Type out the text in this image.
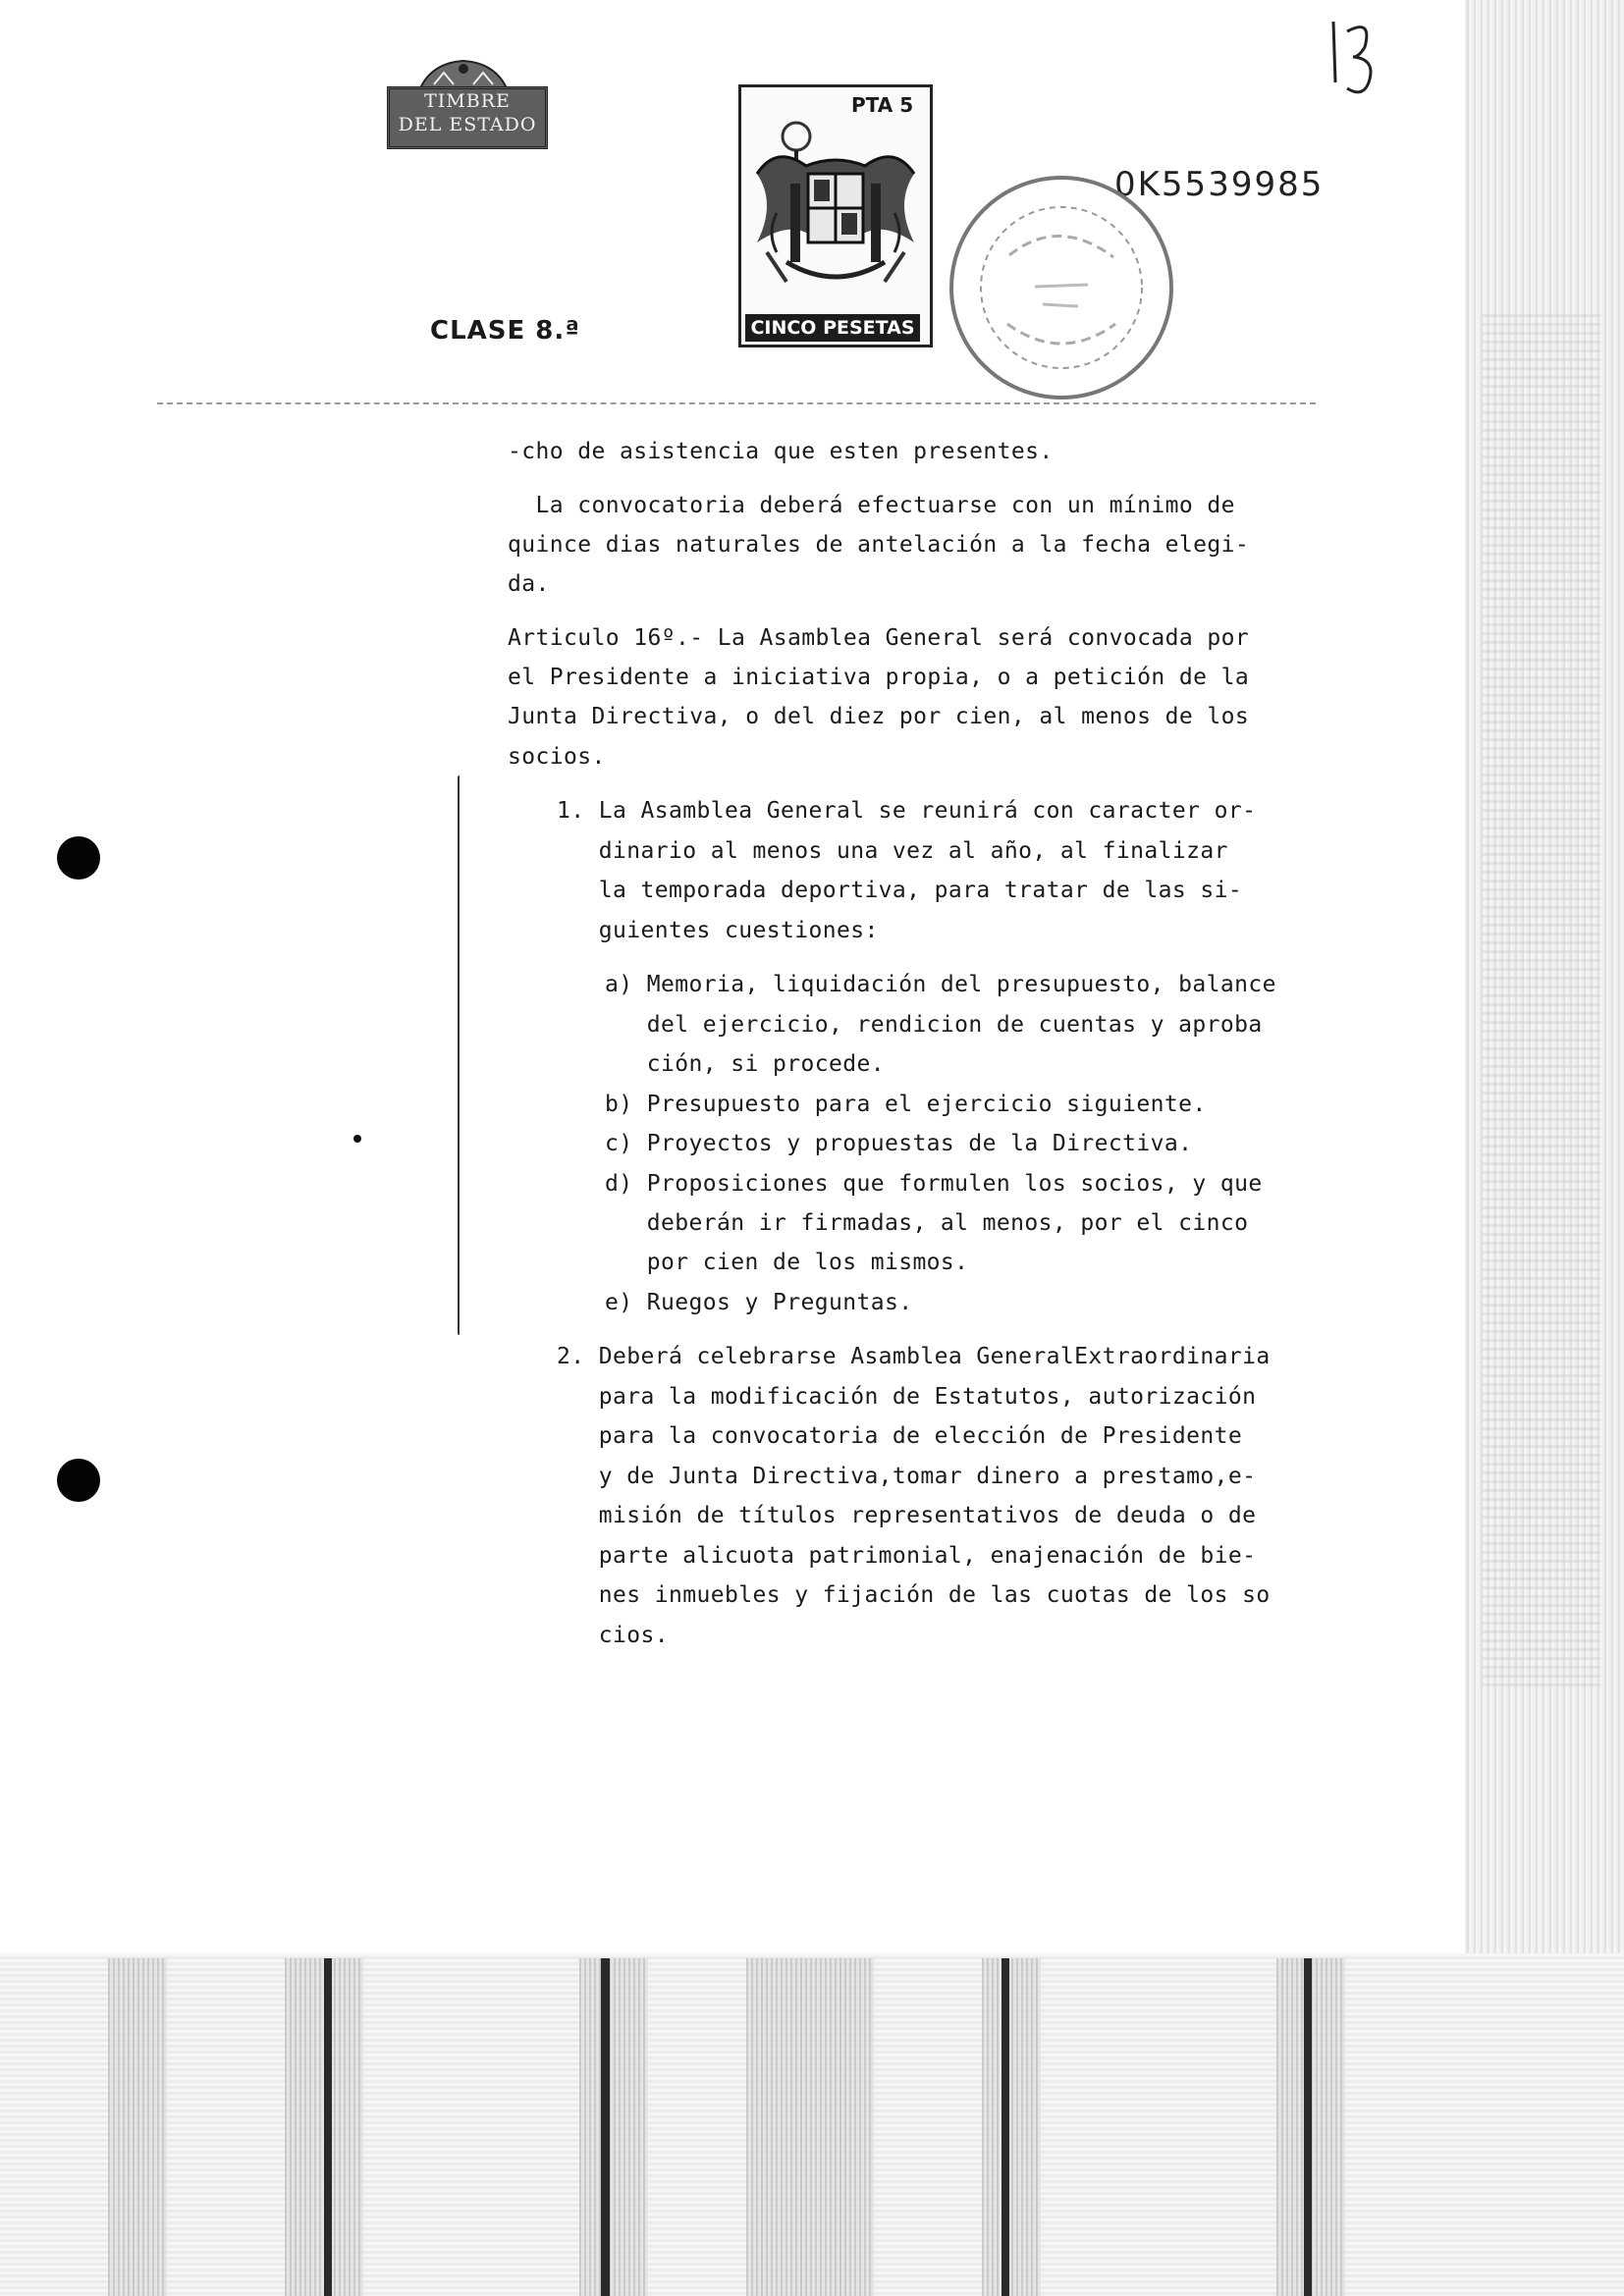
TIMBRE
DEL ESTADO
CLASE 8.ª
PTA 5
CINCO PESETAS
0K5539985
-cho de asistencia que esten presentes.
La convocatoria deberá efectuarse con un mínimo de
quince dias naturales de antelación a la fecha elegi-
da.
Articulo 16º.- La Asamblea General será convocada por
el Presidente a iniciativa propia, o a petición de la
Junta Directiva, o del diez por cien, al menos de los
socios.
1. La Asamblea General se reunirá con caracter or-
dinario al menos una vez al año, al finalizar
la temporada deportiva, para tratar de las si-
guientes cuestiones:
a) Memoria, liquidación del presupuesto, balance
del ejercicio, rendicion de cuentas y aproba
ción, si procede.
b) Presupuesto para el ejercicio siguiente.
c) Proyectos y propuestas de la Directiva.
d) Proposiciones que formulen los socios, y que
deberán ir firmadas, al menos, por el cinco
por cien de los mismos.
e) Ruegos y Preguntas.
2. Deberá celebrarse Asamblea GeneralExtraordinaria
para la modificación de Estatutos, autorización
para la convocatoria de elección de Presidente
y de Junta Directiva,tomar dinero a prestamo,e-
misión de títulos representativos de deuda o de
parte alicuota patrimonial, enajenación de bie-
nes inmuebles y fijación de las cuotas de los so
cios.
